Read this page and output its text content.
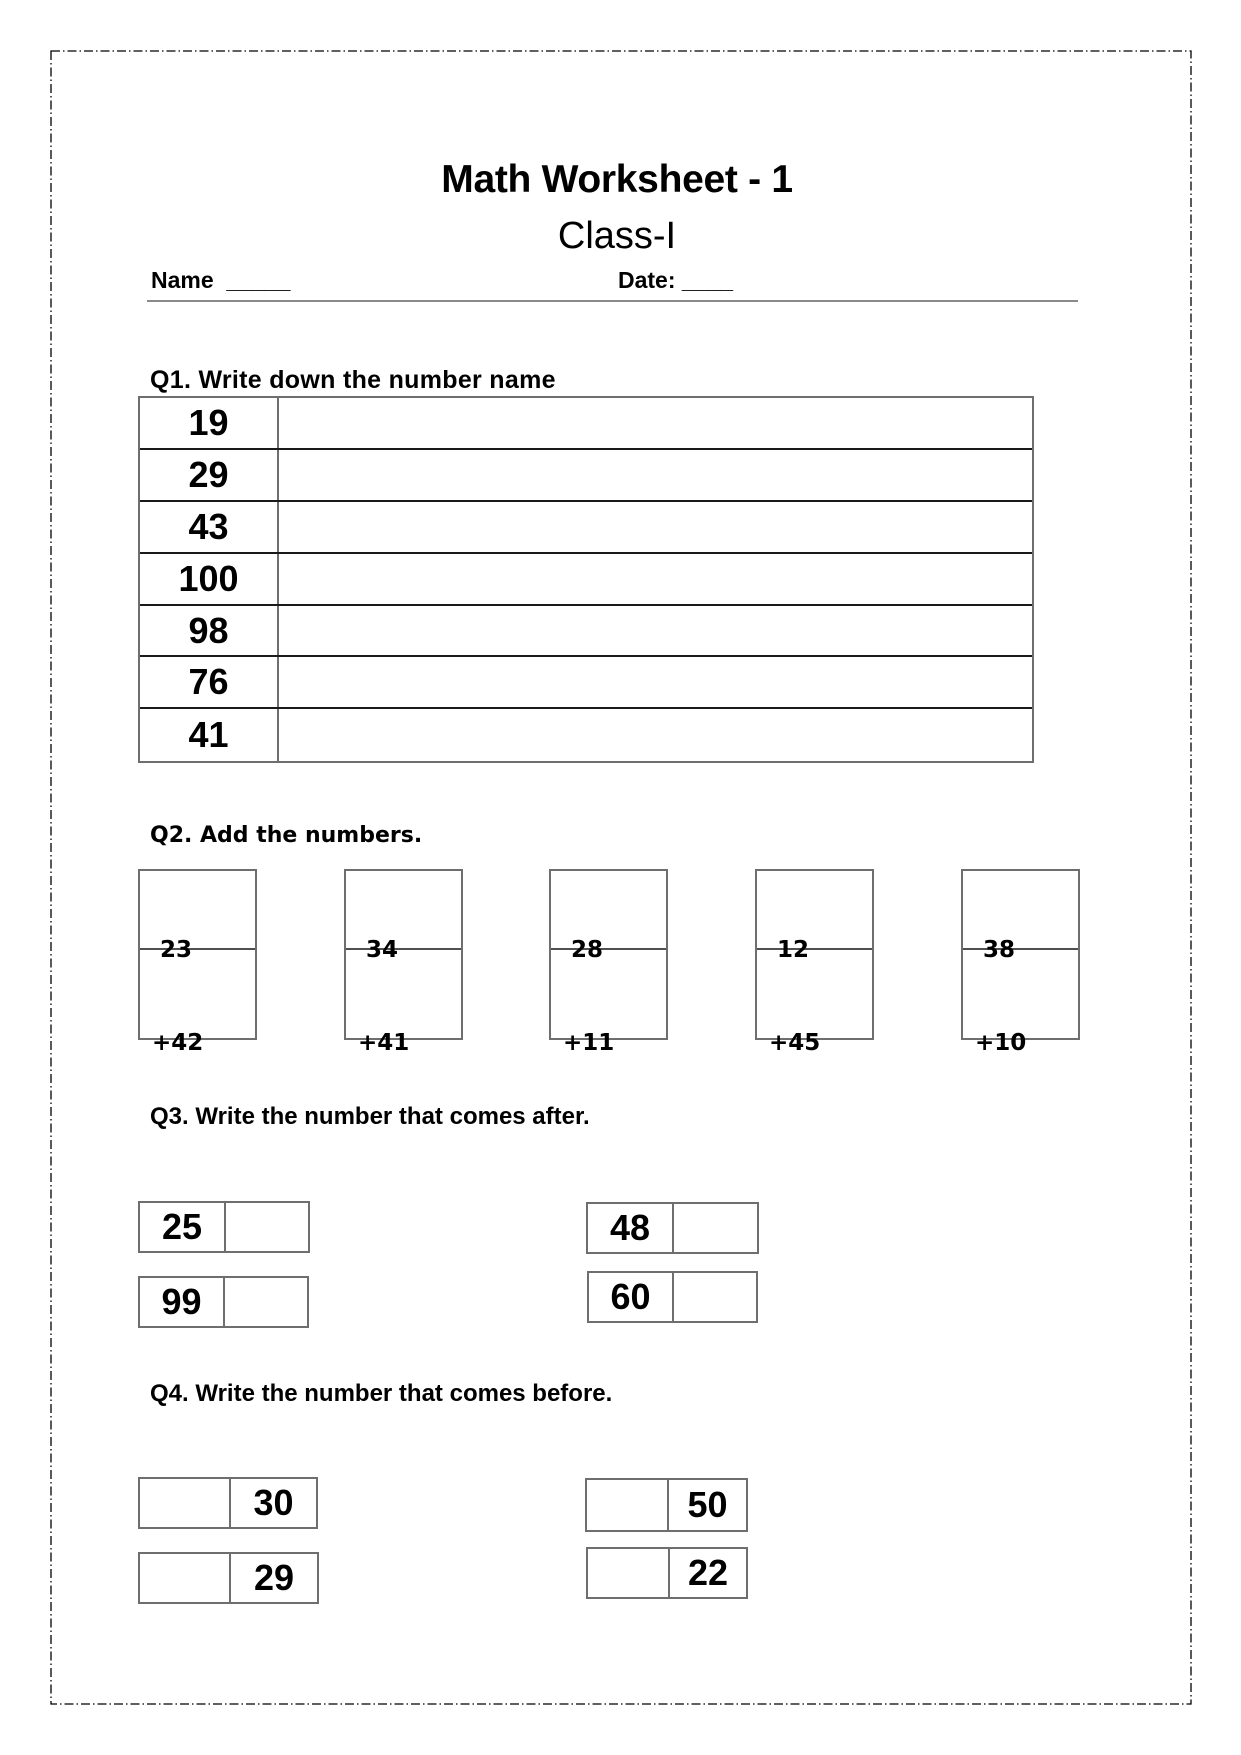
Math Worksheet - 1
Class-I
Name  _____	Date: ____
Q1. Write down the number name
19
29
43
100
98
76
41
Q2. Add the numbers.

23

+42

34

+41

28

+11

12

+45

38

+10

Q3. Write the number that comes after.
25
99
48
60
Q4. Write the number that comes before.
30
29
50
22
